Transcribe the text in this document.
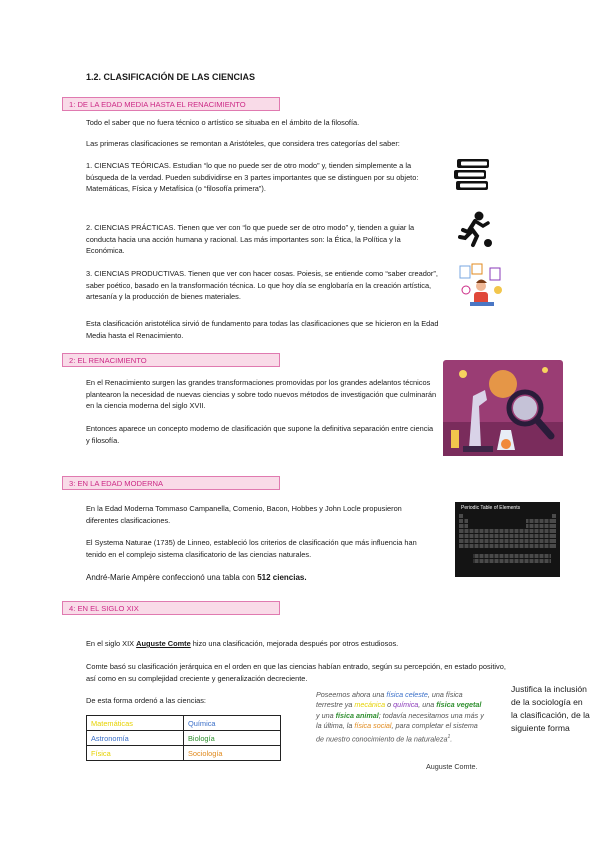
1.2. CLASIFICACIÓN DE LAS CIENCIAS
1: DE LA EDAD MEDIA HASTA EL RENACIMIENTO
Todo el saber que no fuera técnico o artístico se situaba en el ámbito de la filosofía.
Las primeras clasificaciones se remontan a Aristóteles, que considera tres categorías del saber:
1. CIENCIAS TEÓRICAS. Estudian “lo que no puede ser de otro modo” y, tienden simplemente a la búsqueda de la verdad. Pueden subdividirse en 3 partes importantes que se distinguen por su objeto: Matemáticas, Física y Metafísica (o “filosofía primera”).
2. CIENCIAS PRÁCTICAS. Tienen que ver con “lo que puede ser de otro modo” y, tienden a guiar la conducta hacia una acción humana y racional. Las más importantes son: la Ética, la Política y la Económica.
3. CIENCIAS PRODUCTIVAS. Tienen que ver con hacer cosas. Poiesis, se entiende como “saber creador”, saber poético, basado en la transformación técnica. Lo que hoy día se englobaría en la creación artística, artesanía y la producción de bienes materiales.
Esta clasificación aristotélica sirvió de fundamento para todas las clasificaciones que se hicieron en la Edad Media hasta el Renacimiento.
2: EL RENACIMIENTO
En el Renacimiento surgen las grandes transformaciones promovidas por los grandes adelantos técnicos plantearon la necesidad de nuevas ciencias y sobre todo nuevos métodos de investigación que culminarán en la ciencia moderna del siglo XVII.
Entonces aparece un concepto moderno de clasificación que supone la definitiva separación entre ciencia y filosofía.
3: EN LA EDAD MODERNA
En la Edad Moderna Tommaso Campanella, Comenio, Bacon, Hobbes y John Locle propusieron diferentes clasificaciones.
El Systema Naturae (1735) de Linneo, estableció los criterios de clasificación que más influencia han tenido en el complejo sistema clasificatorio de las ciencias naturales.
André-Marie Ampère confeccionó una tabla con 512 ciencias.
Periodic Table of Elements
4: EN EL SIGLO XIX
En el siglo XIX Auguste Comte hizo una clasificación, mejorada después por otros estudiosos.
Comte basó su clasificación jerárquica en el orden en que las ciencias habían entrado, según su percepción, en estado positivo, así como en su complejidad creciente y generalización decreciente.
De esta forma ordenó a las ciencias:
Matemáticas	Química
Astronomía	Biología
Física	Sociología
Poseemos ahora una física celeste, una física terrestre ya mecánica o química, una física vegetal y una física animal; todavía necesitamos una más y la última, la física social, para completar el sistema de nuestro conocimiento de la naturaleza$^1$.
Auguste Comte.
Justifica la inclusión de la sociología en la clasificación, de la siguiente forma
